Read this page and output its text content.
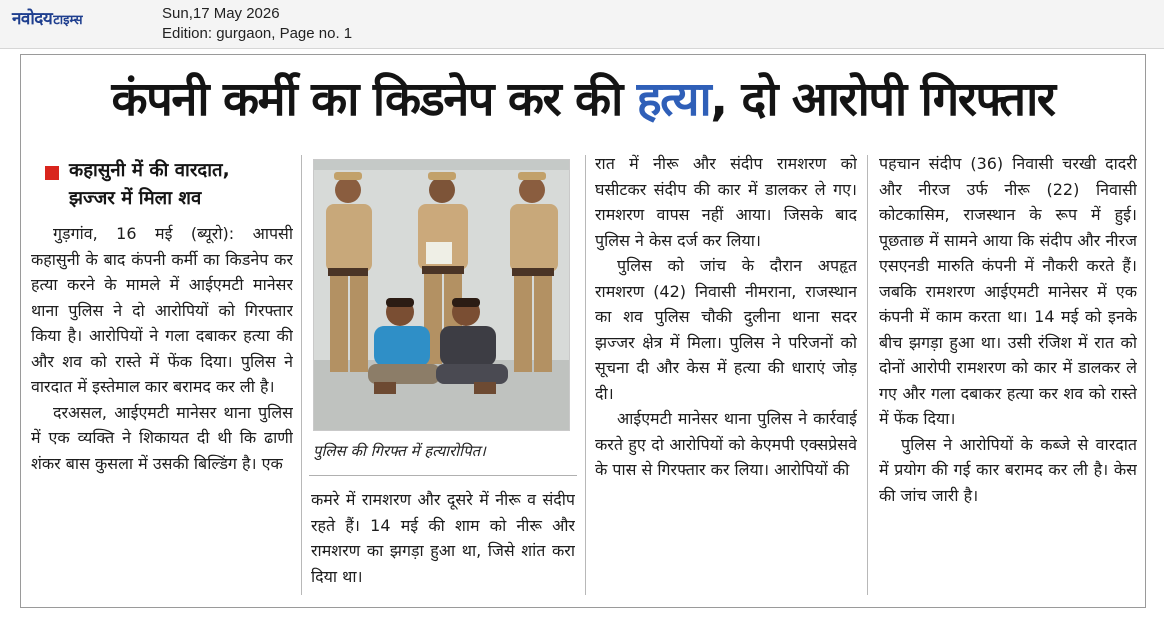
नवोदय टाइम्स	Sun,17 May 2026
Edition: gurgaon, Page no. 1
कंपनी कर्मी का किडनेप कर की हत्या, दो आरोपी गिरफ्तार
कहासुनी में की वारदात,
झज्जर में मिला शव

गुड़गांव, 16 मई (ब्यूरो): आपसी कहासुनी के बाद कंपनी कर्मी का किडनेप कर हत्या करने के मामले में आईएमटी मानेसर थाना पुलिस ने दो आरोपियों को गिरफ्तार किया है। आरोपियों ने गला दबाकर हत्या की और शव को रास्ते में फेंक दिया। पुलिस ने वारदात में इस्तेमाल कार बरामद कर ली है।

दरअसल, आईएमटी मानेसर थाना पुलिस में एक व्यक्ति ने शिकायत दी थी कि ढाणी शंकर बास कुसला में उसकी बिल्डिंग है। एक

पुलिस की गिरफ्त में हत्यारोपित।

कमरे में रामशरण और दूसरे में नीरू व संदीप रहते हैं। 14 मई की शाम को नीरू और रामशरण का झगड़ा हुआ था, जिसे शांत करा दिया था।

रात में नीरू और संदीप रामशरण को घसीटकर संदीप की कार में डालकर ले गए। रामशरण वापस नहीं आया। जिसके बाद पुलिस ने केस दर्ज कर लिया।

पुलिस को जांच के दौरान अपहृत रामशरण (42) निवासी नीमराना, राजस्थान का शव पुलिस चौकी दुलीना थाना सदर झज्जर क्षेत्र में मिला। पुलिस ने परिजनों को सूचना दी और केस में हत्या की धाराएं जोड़ दी।

आईएमटी मानेसर थाना पुलिस ने कार्रवाई करते हुए दो आरोपियों को केएमपी एक्सप्रेसवे के पास से गिरफ्तार कर लिया। आरोपियों की

पहचान संदीप (36) निवासी चरखी दादरी और नीरज उर्फ नीरू (22) निवासी कोटकासिम, राजस्थान के रूप में हुई। पूछताछ में सामने आया कि संदीप और नीरज एसएनडी मारुति कंपनी में नौकरी करते हैं। जबकि रामशरण आईएमटी मानेसर में एक कंपनी में काम करता था। 14 मई को इनके बीच झगड़ा हुआ था। उसी रंजिश में रात को दोनों आरोपी रामशरण को कार में डालकर ले गए और गला दबाकर हत्या कर शव को रास्ते में फेंक दिया।

पुलिस ने आरोपियों के कब्जे से वारदात में प्रयोग की गई कार बरामद कर ली है। केस की जांच जारी है।
